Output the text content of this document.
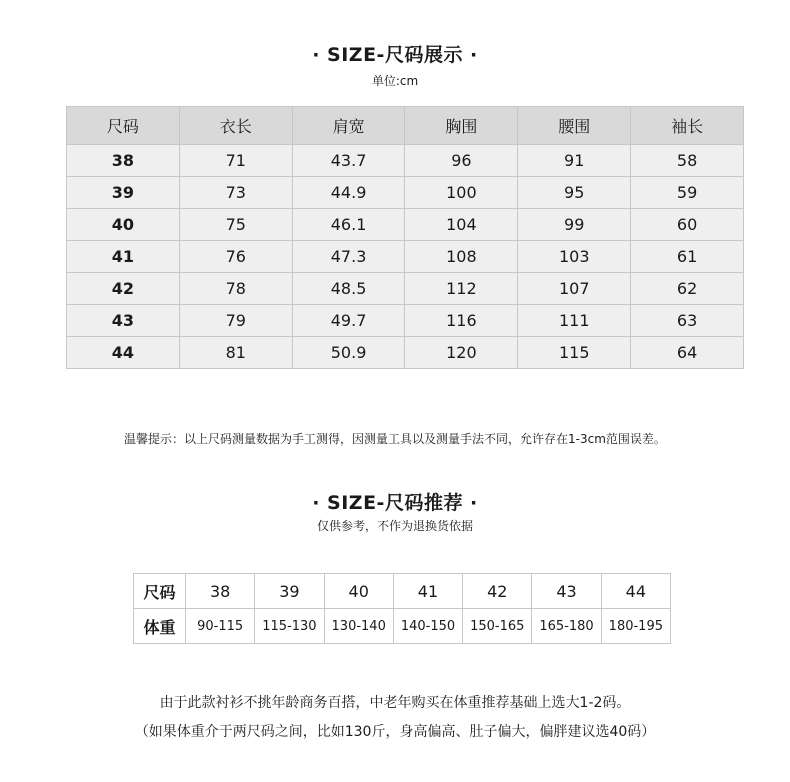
· SIZE-尺码展示 ·
单位:cm
尺码	衣长	肩宽	胸围	腰围	袖长
38	71	43.7	96	91	58
39	73	44.9	100	95	59
40	75	46.1	104	99	60
41	76	47.3	108	103	61
42	78	48.5	112	107	62
43	79	49.7	116	111	63
44	81	50.9	120	115	64
温馨提示：以上尺码测量数据为手工测得，因测量工具以及测量手法不同，允许存在1-3cm范围误差。
· SIZE-尺码推荐 ·
仅供参考，不作为退换货依据
尺码	38	39	40	41	42	43	44
体重	90-115	115-130	130-140	140-150	150-165	165-180	180-195
由于此款衬衫不挑年龄商务百搭，中老年购买在体重推荐基础上选大1-2码。
（如果体重介于两尺码之间，比如130斤，身高偏高、肚子偏大，偏胖建议选40码）
